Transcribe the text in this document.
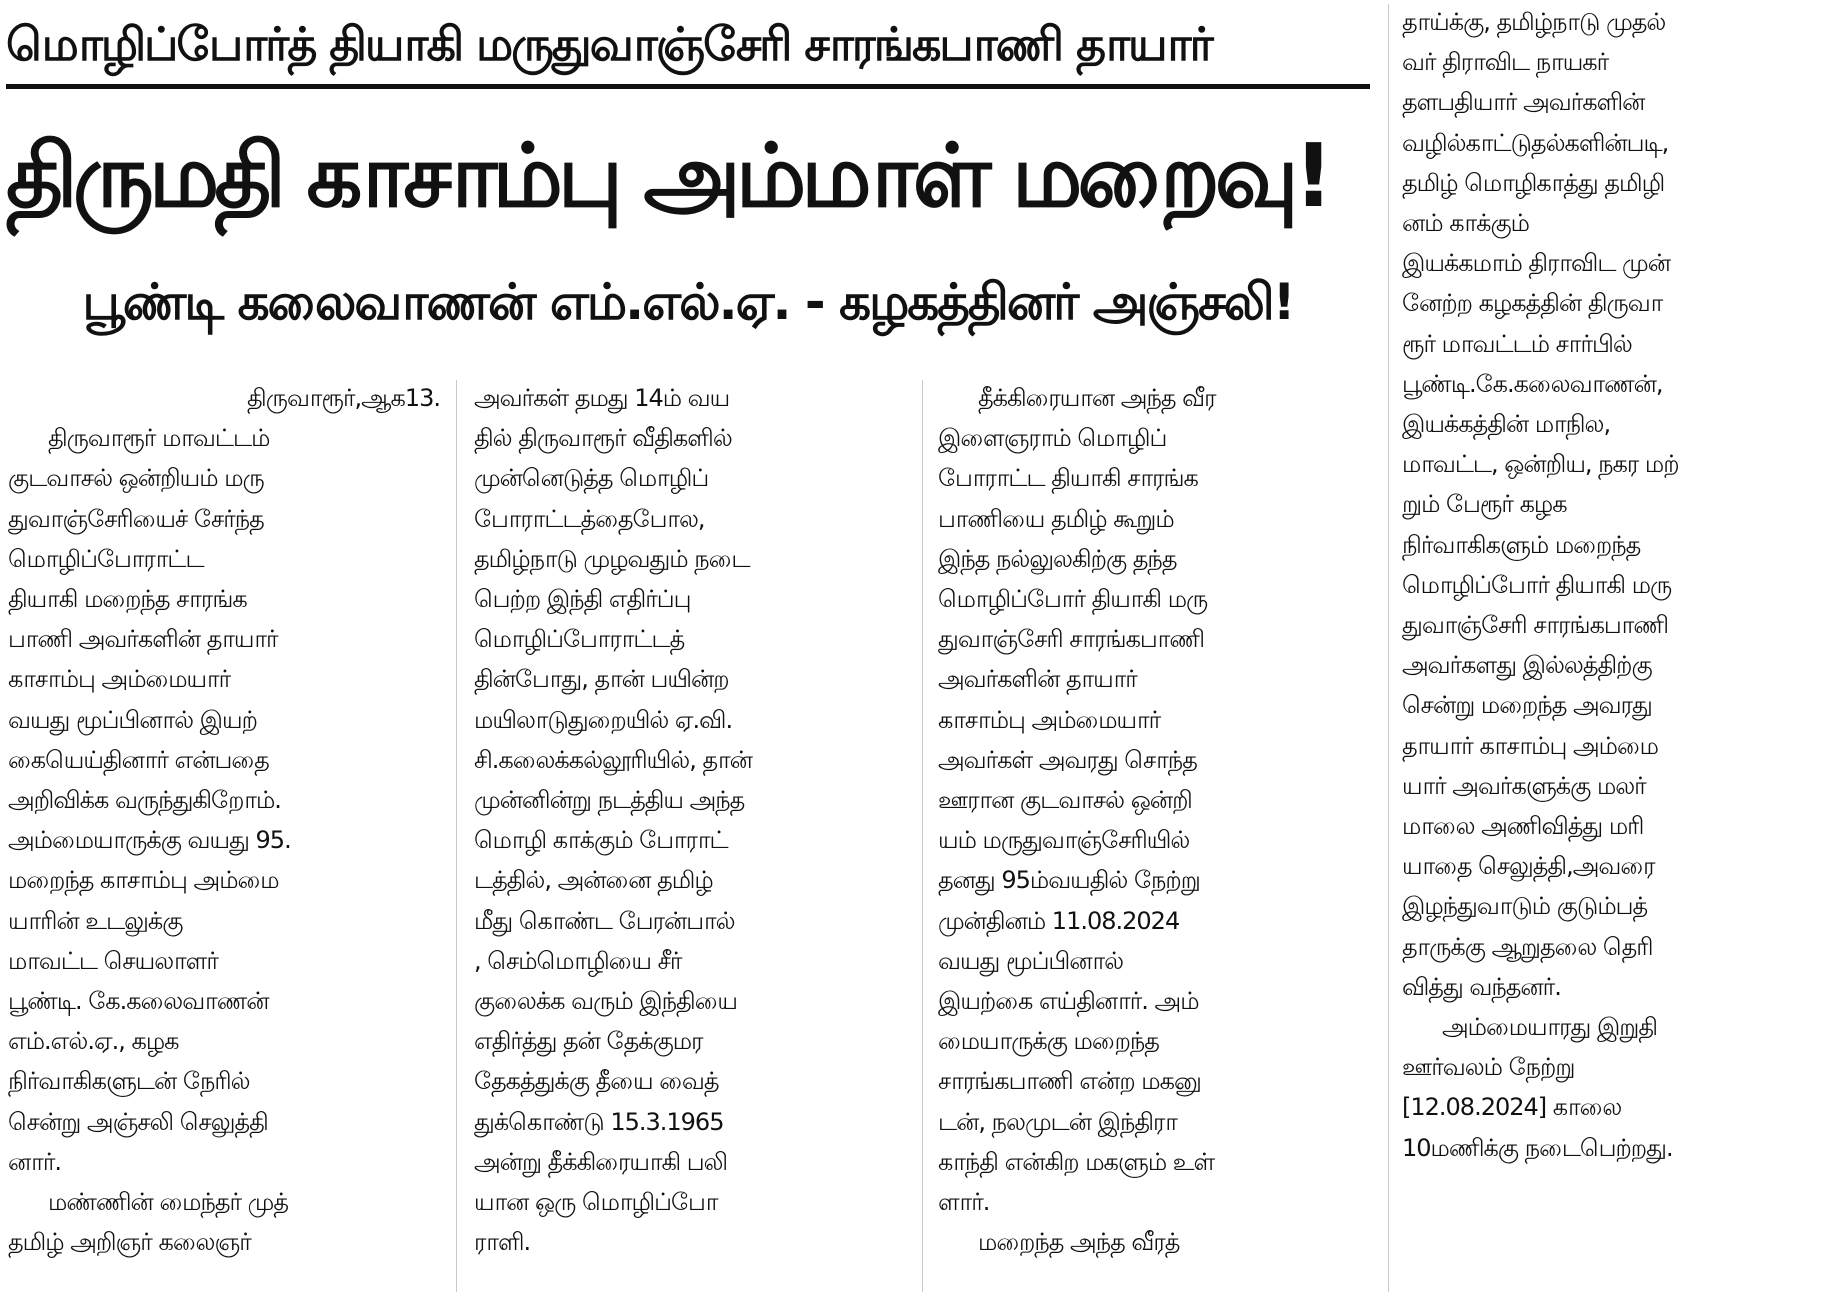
மொழிப்போர்த் தியாகி மருதுவாஞ்சேரி சாரங்கபாணி தாயார்
திருமதி காசாம்பு அம்மாள் மறைவு!
பூண்டி கலைவாணன் எம்.எல்.ஏ. - கழகத்தினர் அஞ்சலி!

திருவாரூர்,ஆக13.

திருவாரூர் மாவட்டம்

குடவாசல் ஒன்றியம் மரு

துவாஞ்சேரியைச் சேர்ந்த

மொழிப்போராட்ட

தியாகி மறைந்த சாரங்க

பாணி அவர்களின் தாயார்

காசாம்பு அம்மையார்

வயது மூப்பினால் இயற்

கையெய்தினார் என்பதை

அறிவிக்க வருந்துகிறோம்.

அம்மையாருக்கு வயது 95.

மறைந்த காசாம்பு அம்மை

யாரின் உடலுக்கு

மாவட்ட செயலாளர்

பூண்டி. கே.கலைவாணன்

எம்.எல்.ஏ., கழக

நிர்வாகிகளுடன் நேரில்

சென்று அஞ்சலி செலுத்தி

னார்.

மண்ணின் மைந்தர் முத்

தமிழ் அறிஞர் கலைஞர்

அவர்கள் தமது 14ம் வய

தில் திருவாரூர் வீதிகளில்

முன்னெடுத்த மொழிப்

போராட்டத்தைபோல,

தமிழ்நாடு முழவதும் நடை

பெற்ற இந்தி எதிர்ப்பு

மொழிப்போராட்டத்

தின்போது, தான் பயின்ற

மயிலாடுதுறையில் ஏ.வி.

சி.கலைக்கல்லூரியில், தான்

முன்னின்று நடத்திய அந்த

மொழி காக்கும் போராட்

டத்தில், அன்னை தமிழ்

மீது கொண்ட பேரன்பால்

, செம்மொழியை சீர்

குலைக்க வரும் இந்தியை

எதிர்த்து தன் தேக்குமர

தேகத்துக்கு தீயை வைத்

துக்கொண்டு 15.3.1965

அன்று தீக்கிரையாகி பலி

யான ஒரு மொழிப்போ

ராளி.

தீக்கிரையான அந்த வீர

இளைஞராம் மொழிப்

போராட்ட தியாகி சாரங்க

பாணியை தமிழ் கூறும்

இந்த நல்லுலகிற்கு தந்த

மொழிப்போர் தியாகி மரு

துவாஞ்சேரி சாரங்கபாணி

அவர்களின் தாயார்

காசாம்பு அம்மையார்

அவர்கள் அவரது சொந்த

ஊரான குடவாசல் ஒன்றி

யம் மருதுவாஞ்சேரியில்

தனது 95ம்வயதில் நேற்று

முன்தினம் 11.08.2024

வயது மூப்பினால்

இயற்கை எய்தினார். அம்

மையாருக்கு மறைந்த

சாரங்கபாணி என்ற மகனு

டன், நலமுடன் இந்திரா

காந்தி என்கிற மகளும் உள்

ளார்.

மறைந்த அந்த வீரத்

தாய்க்கு, தமிழ்நாடு முதல்

வர் திராவிட நாயகர்

தளபதியார் அவர்களின்

வழில்காட்டுதல்களின்படி,

தமிழ் மொழிகாத்து தமிழி

னம் காக்கும்

இயக்கமாம் திராவிட முன்

னேற்ற கழகத்தின் திருவா

ரூர் மாவட்டம் சார்பில்

பூண்டி.கே.கலைவாணன்,

இயக்கத்தின் மாநில,

மாவட்ட, ஒன்றிய, நகர மற்

றும் பேரூர் கழக

நிர்வாகிகளும் மறைந்த

மொழிப்போர் தியாகி மரு

துவாஞ்சேரி சாரங்கபாணி

அவர்களது இல்லத்திற்கு

சென்று மறைந்த அவரது

தாயார் காசாம்பு அம்மை

யார் அவர்களுக்கு மலர்

மாலை அணிவித்து மரி

யாதை செலுத்தி,அவரை

இழந்துவாடும் குடும்பத்

தாருக்கு ஆறுதலை தெரி

வித்து வந்தனர்.

அம்மையாரது இறுதி

ஊர்வலம் நேற்று

[12.08.2024] காலை

10மணிக்கு நடைபெற்றது.
